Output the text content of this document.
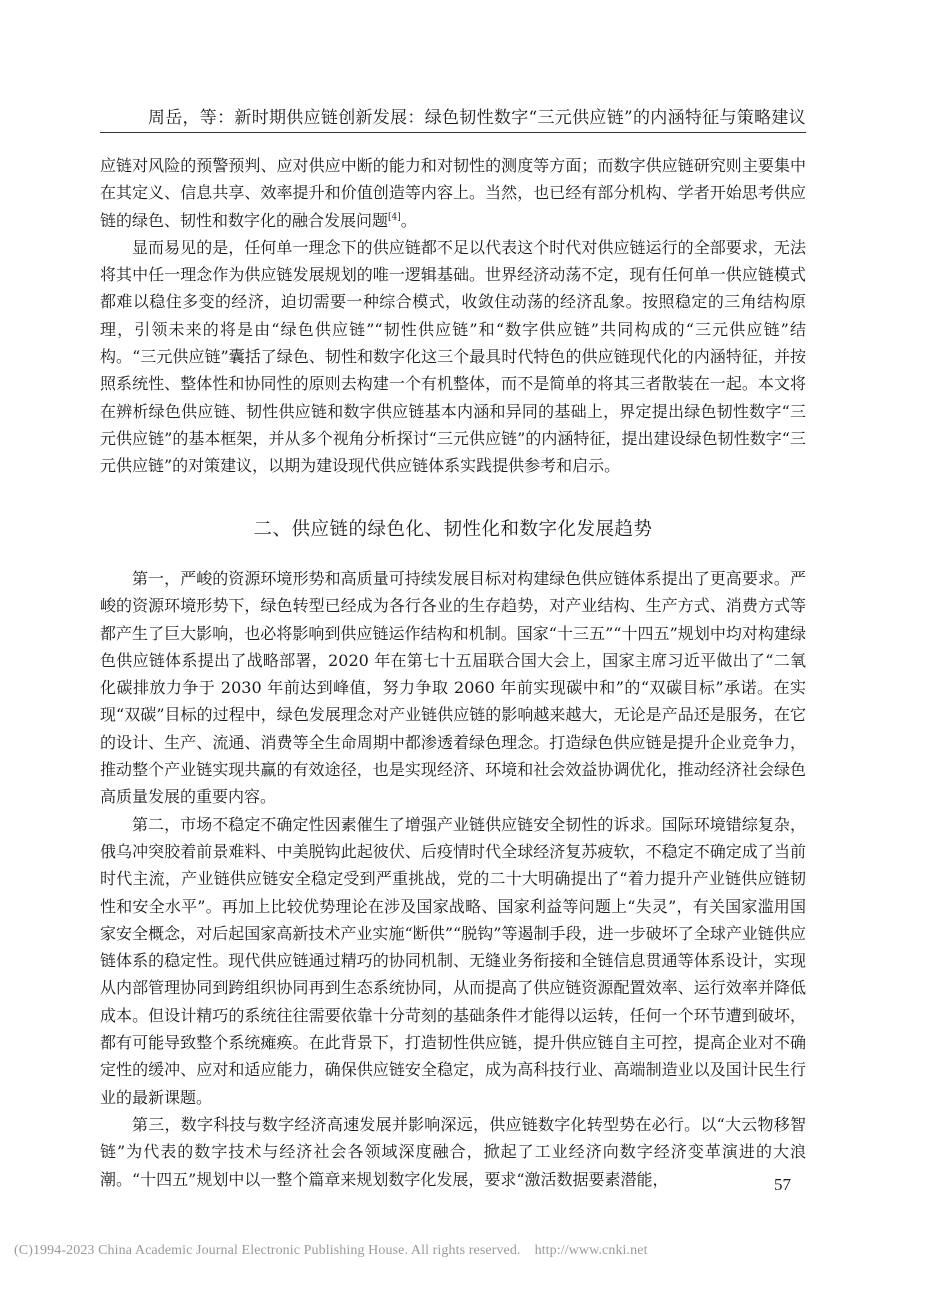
周岳，等：新时期供应链创新发展：绿色韧性数字“三元供应链”的内涵特征与策略建议

应链对风险的预警预判、应对供应中断的能力和对韧性的测度等方面；而数字供应链研究则主要集中在其定义、信息共享、效率提升和价值创造等内容上。当然，也已经有部分机构、学者开始思考供应链的绿色、韧性和数字化的融合发展问题[4]。

显而易见的是，任何单一理念下的供应链都不足以代表这个时代对供应链运行的全部要求，无法将其中任一理念作为供应链发展规划的唯一逻辑基础。世界经济动荡不定，现有任何单一供应链模式都难以稳住多变的经济，迫切需要一种综合模式，收敛住动荡的经济乱象。按照稳定的三角结构原理，引领未来的将是由“绿色供应链”“韧性供应链”和“数字供应链”共同构成的“三元供应链”结构。“三元供应链”囊括了绿色、韧性和数字化这三个最具时代特色的供应链现代化的内涵特征，并按照系统性、整体性和协同性的原则去构建一个有机整体，而不是简单的将其三者散装在一起。本文将在辨析绿色供应链、韧性供应链和数字供应链基本内涵和异同的基础上，界定提出绿色韧性数字“三元供应链”的基本框架，并从多个视角分析探讨“三元供应链”的内涵特征，提出建设绿色韧性数字“三元供应链”的对策建议，以期为建设现代供应链体系实践提供参考和启示。

二、供应链的绿色化、韧性化和数字化发展趋势

第一，严峻的资源环境形势和高质量可持续发展目标对构建绿色供应链体系提出了更高要求。严峻的资源环境形势下，绿色转型已经成为各行各业的生存趋势，对产业结构、生产方式、消费方式等都产生了巨大影响，也必将影响到供应链运作结构和机制。国家“十三五”“十四五”规划中均对构建绿色供应链体系提出了战略部署，2020 年在第七十五届联合国大会上，国家主席习近平做出了“二氧化碳排放力争于 2030 年前达到峰值，努力争取 2060 年前实现碳中和”的“双碳目标”承诺。在实现“双碳”目标的过程中，绿色发展理念对产业链供应链的影响越来越大，无论是产品还是服务，在它的设计、生产、流通、消费等全生命周期中都渗透着绿色理念。打造绿色供应链是提升企业竞争力，推动整个产业链实现共赢的有效途径，也是实现经济、环境和社会效益协调优化，推动经济社会绿色高质量发展的重要内容。

第二，市场不稳定不确定性因素催生了增强产业链供应链安全韧性的诉求。国际环境错综复杂，俄乌冲突胶着前景难料、中美脱钩此起彼伏、后疫情时代全球经济复苏疲软，不稳定不确定成了当前时代主流，产业链供应链安全稳定受到严重挑战，党的二十大明确提出了“着力提升产业链供应链韧性和安全水平”。再加上比较优势理论在涉及国家战略、国家利益等问题上“失灵”，有关国家滥用国家安全概念，对后起国家高新技术产业实施“断供”“脱钩”等遏制手段，进一步破坏了全球产业链供应链体系的稳定性。现代供应链通过精巧的协同机制、无缝业务衔接和全链信息贯通等体系设计，实现从内部管理协同到跨组织协同再到生态系统协同，从而提高了供应链资源配置效率、运行效率并降低成本。但设计精巧的系统往往需要依靠十分苛刻的基础条件才能得以运转，任何一个环节遭到破坏，都有可能导致整个系统瘫痪。在此背景下，打造韧性供应链，提升供应链自主可控，提高企业对不确定性的缓冲、应对和适应能力，确保供应链安全稳定，成为高科技行业、高端制造业以及国计民生行业的最新课题。

第三，数字科技与数字经济高速发展并影响深远，供应链数字化转型势在必行。以“大云物移智链”为代表的数字技术与经济社会各领域深度融合，掀起了工业经济向数字经济变革演进的大浪潮。“十四五”规划中以一整个篇章来规划数字化发展，要求“激活数据要素潜能，	57
(C)1994-2023 China Academic Journal Electronic Publishing House. All rights reserved. http://www.cnki.net
